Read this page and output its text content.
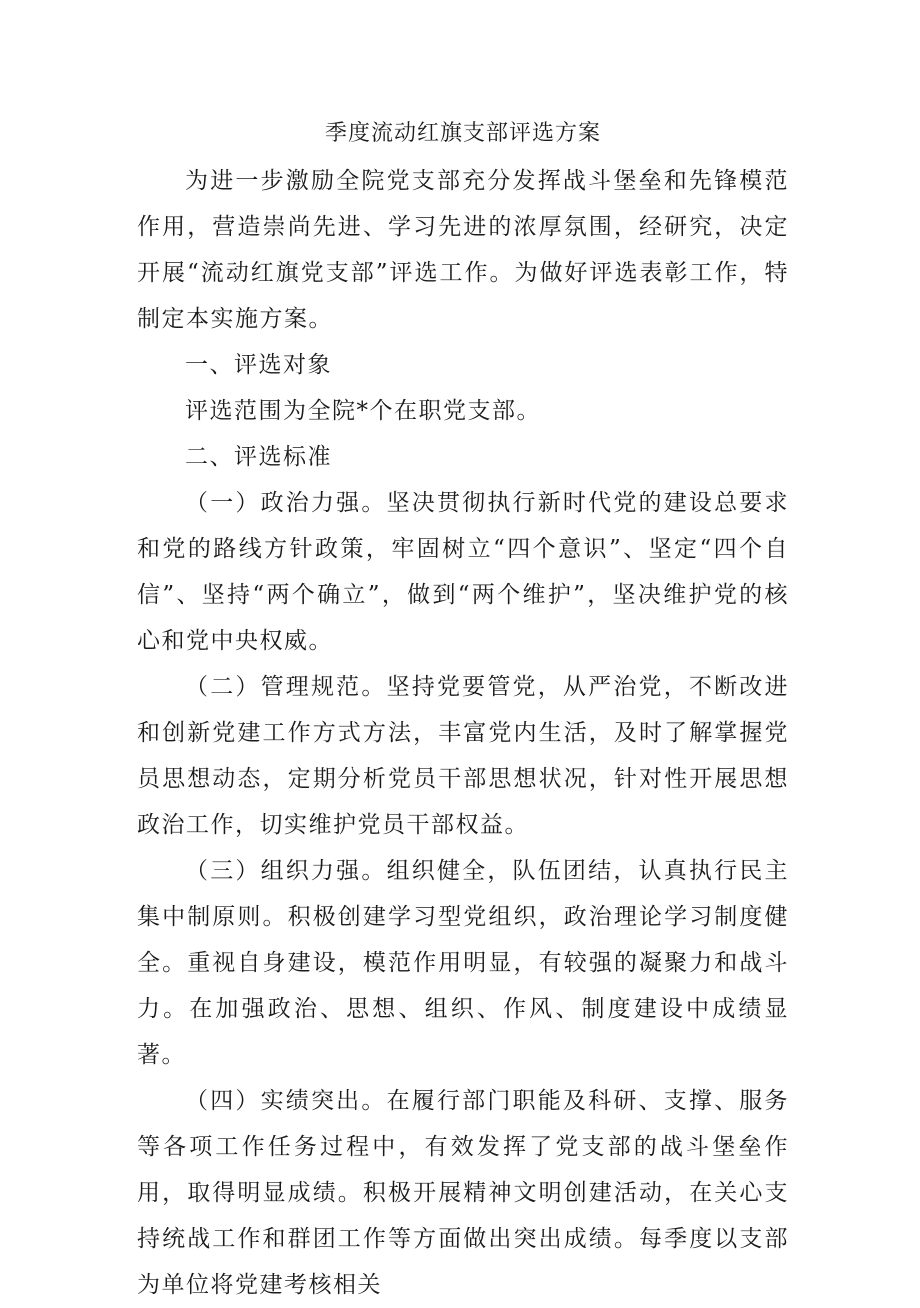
季度流动红旗支部评选方案

为进一步激励全院党支部充分发挥战斗堡垒和先锋模范作用，营造崇尚先进、学习先进的浓厚氛围，经研究，决定开展“流动红旗党支部”评选工作。为做好评选表彰工作，特制定本实施方案。

一、评选对象

评选范围为全院*个在职党支部。

二、评选标准

（一）政治力强。坚决贯彻执行新时代党的建设总要求和党的路线方针政策，牢固树立“四个意识”、坚定“四个自信”、坚持“两个确立”，做到“两个维护”，坚决维护党的核心和党中央权威。

（二）管理规范。坚持党要管党，从严治党，不断改进和创新党建工作方式方法，丰富党内生活，及时了解掌握党员思想动态，定期分析党员干部思想状况，针对性开展思想政治工作，切实维护党员干部权益。

（三）组织力强。组织健全，队伍团结，认真执行民主集中制原则。积极创建学习型党组织，政治理论学习制度健全。重视自身建设，模范作用明显，有较强的凝聚力和战斗力。在加强政治、思想、组织、作风、制度建设中成绩显著。

（四）实绩突出。在履行部门职能及科研、支撑、服务等各项工作任务过程中，有效发挥了党支部的战斗堡垒作用，取得明显成绩。积极开展精神文明创建活动，在关心支持统战工作和群团工作等方面做出突出成绩。每季度以支部为单位将党建考核相关
